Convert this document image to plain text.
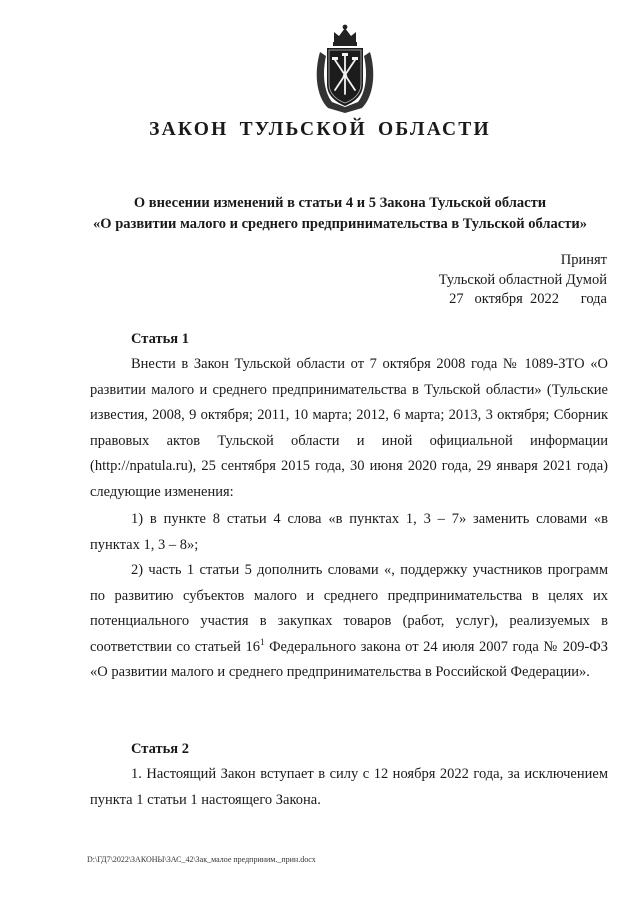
ЗАКОН ТУЛЬСКОЙ ОБЛАСТИ
О внесении изменений в статьи 4 и 5 Закона Тульской области
«О развитии малого и среднего предпринимательства в Тульской области»
Принят
Тульской областной Думой
27 октября 2022 года
Статья 1
Внести в Закон Тульской области от 7 октября 2008 года № 1089-ЗТО «О развитии малого и среднего предпринимательства в Тульской области» (Тульские известия, 2008, 9 октября; 2011, 10 марта; 2012, 6 марта; 2013, 3 октября; Сборник правовых актов Тульской области и иной официальной информации (http://npatula.ru), 25 сентября 2015 года, 30 июня 2020 года, 29 января 2021 года) следующие изменения:
1) в пункте 8 статьи 4 слова «в пунктах 1, 3 – 7» заменить словами «в пунктах 1, 3 – 8»;
2) часть 1 статьи 5 дополнить словами «, поддержку участников программ по развитию субъектов малого и среднего предпринимательства в целях их потенциального участия в закупках товаров (работ, услуг), реализуемых в соответствии со статьей $16^1$ Федерального закона от 24 июля 2007 года № 209-ФЗ «О развитии малого и среднего предпринимательства в Российской Федерации».
Статья 2
1. Настоящий Закон вступает в силу с 12 ноября 2022 года, за исключением пункта 1 статьи 1 настоящего Закона.
D:\ГД7\2022\ЗАКОНЫ\ЗАС_42\Зак_малое предприним._прин.docx
